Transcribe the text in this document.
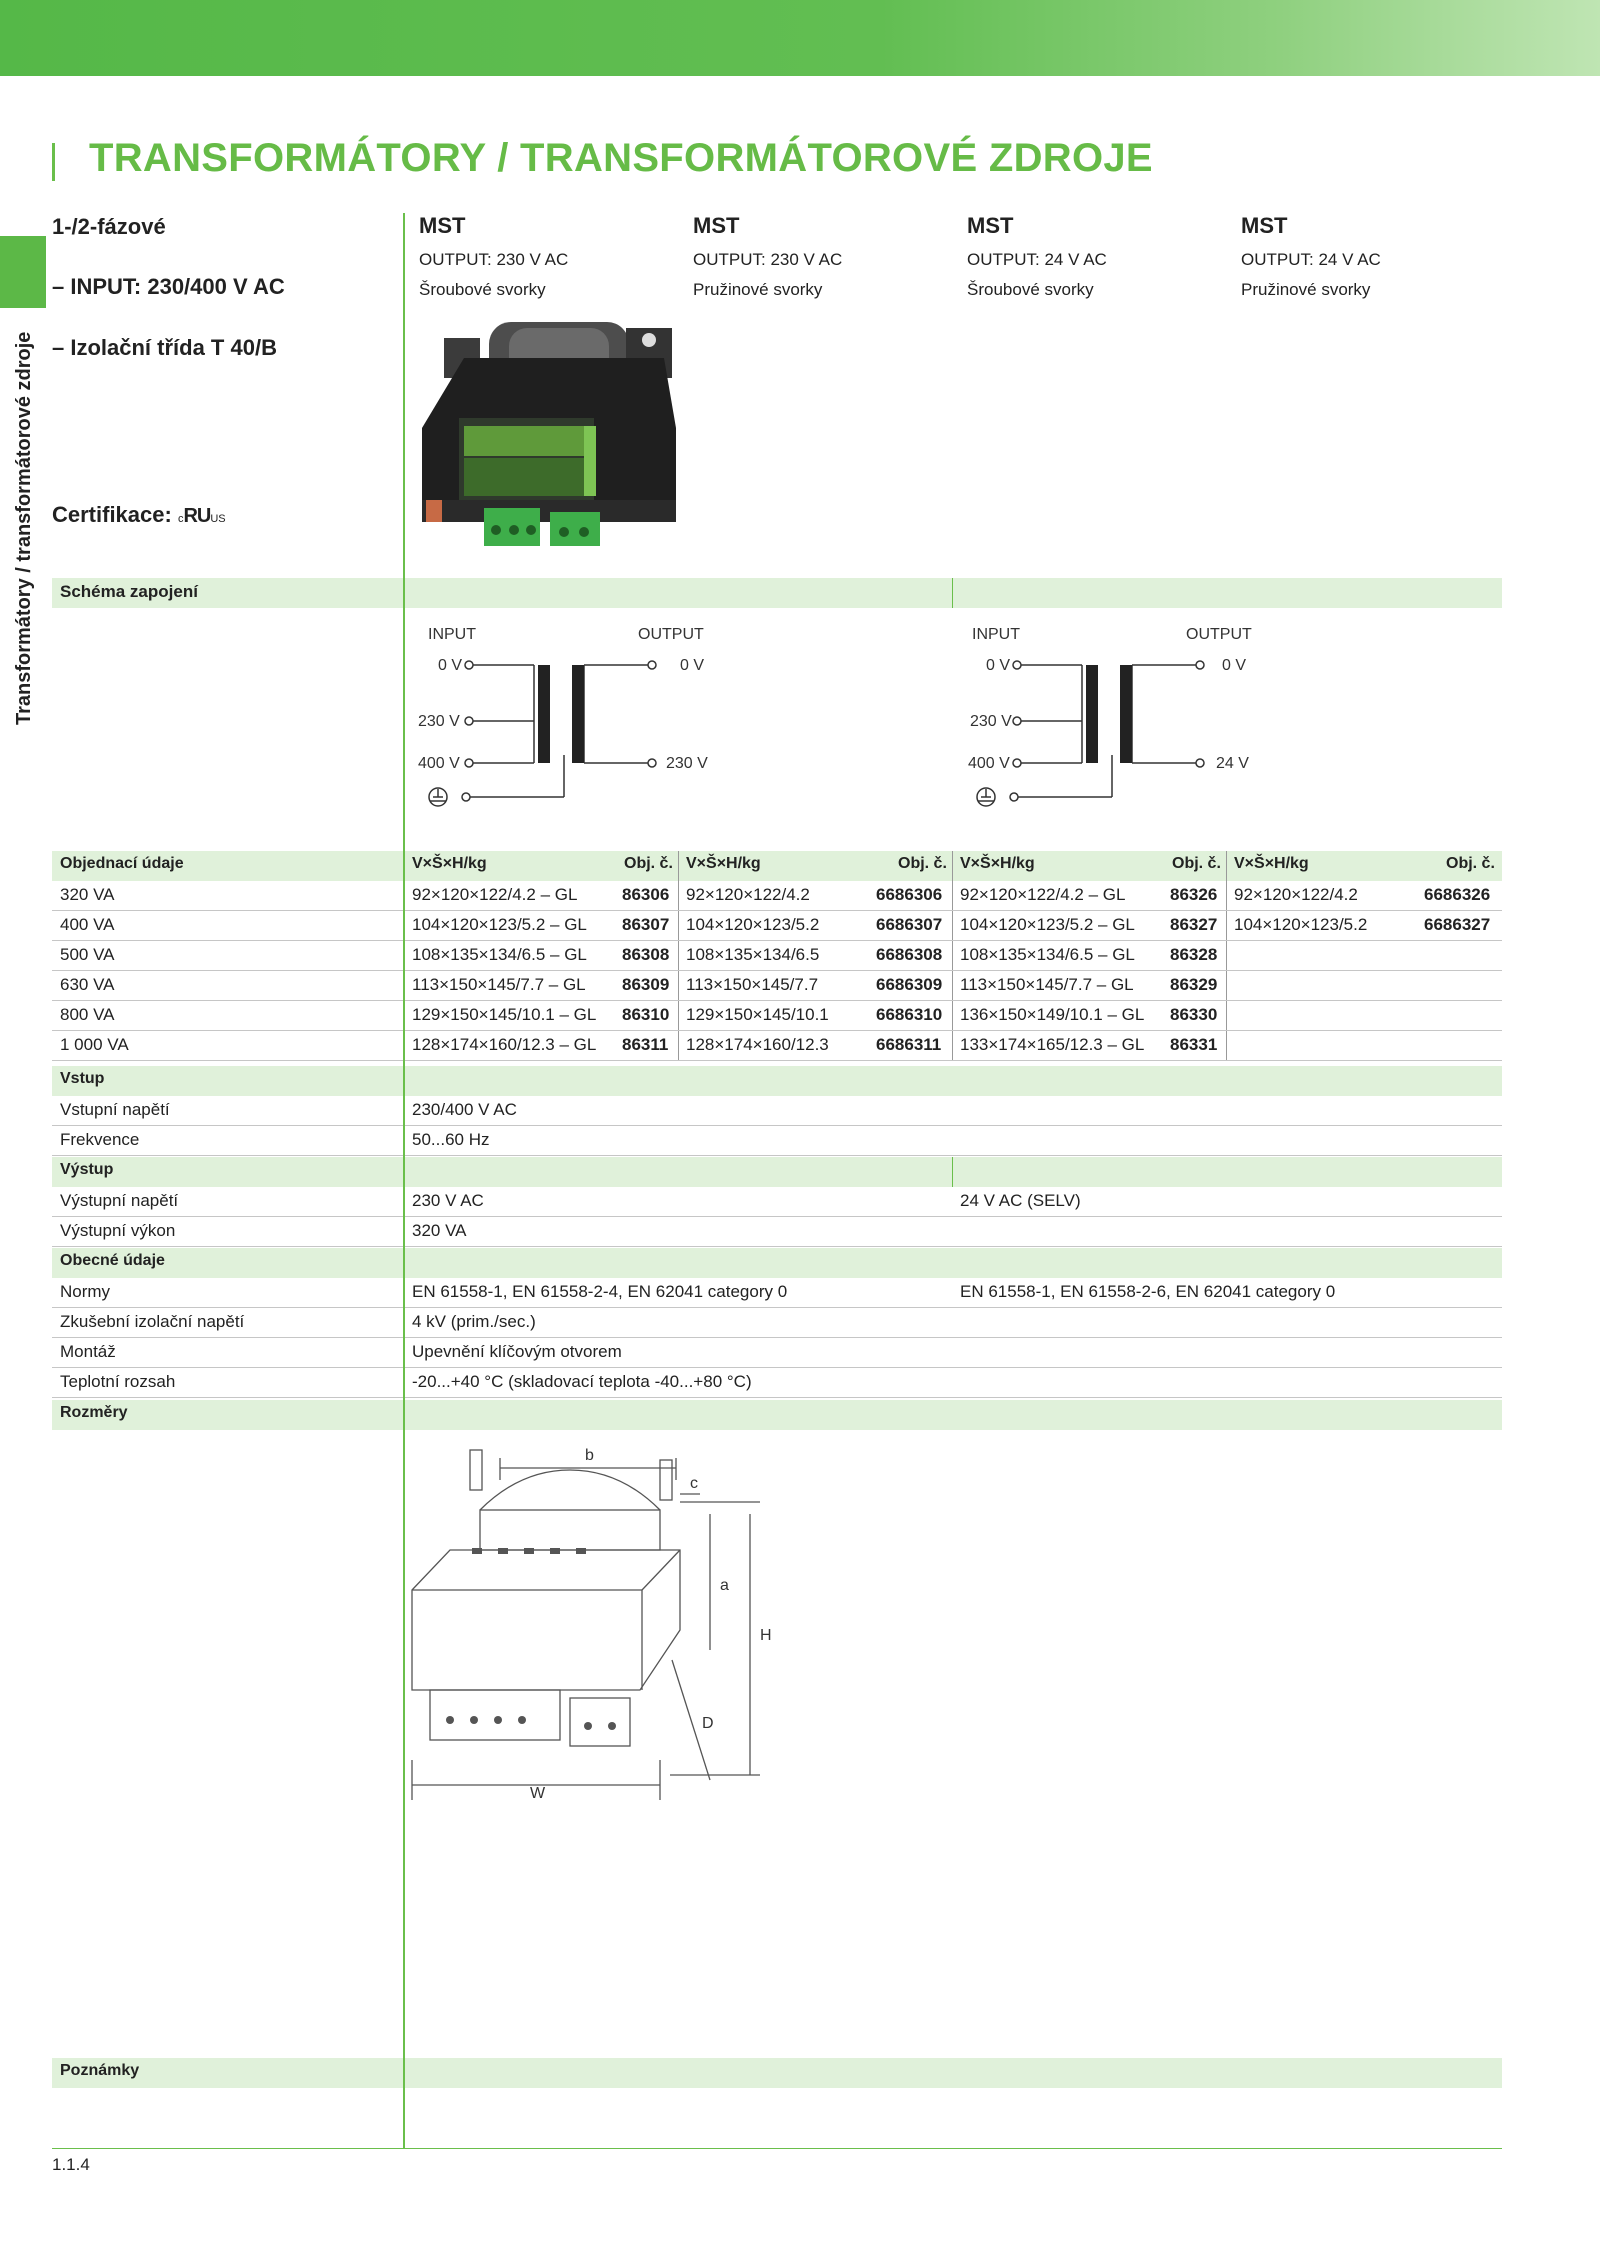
TRANSFORMÁTORY / TRANSFORMÁTOROVÉ ZDROJE
Transformátory / transformátorové zdroje
1-/2-fázové
– INPUT: 230/400 V AC
– Izolační třída T 40/B
Certifikace: cRUUS
MST
OUTPUT: 230 V AC
Šroubové svorky
MST
OUTPUT: 230 V AC
Pružinové svorky
MST
OUTPUT: 24 V AC
Šroubové svorky
MST
OUTPUT: 24 V AC
Pružinové svorky
Schéma zapojení
INPUT	OUTPUT
0 V
230 V
400 V
0 V
230 V
INPUT	OUTPUT
0 V
230 V
400 V
0 V
24 V
Objednací údaje	V×Š×H/kg	Obj. č. V×Š×H/kg	Obj. č. V×Š×H/kg	Obj. č. V×Š×H/kg	Obj. č.
320 VA	92×120×122/4.2 – GL	86306 92×120×122/4.2	6686306 92×120×122/4.2 – GL	86326 92×120×122/4.2	6686326
400 VA	104×120×123/5.2 – GL 86307 104×120×123/5.2	6686307 104×120×123/5.2 – GL 86327 104×120×123/5.2	6686327
500 VA	108×135×134/6.5 – GL 86308 108×135×134/6.5	6686308 108×135×134/6.5 – GL 86328
630 VA	113×150×145/7.7 – GL 86309 113×150×145/7.7	6686309 113×150×145/7.7 – GL 86329
800 VA	129×150×145/10.1 – GL 86310 129×150×145/10.1	6686310 136×150×149/10.1 – GL 86330
1 000 VA	128×174×160/12.3 – GL 86311 128×174×160/12.3	6686311 133×174×165/12.3 – GL 86331
Vstup
Vstupní napětí	230/400 V AC
Frekvence	50...60 Hz
Výstup
Výstupní napětí	230 V AC	24 V AC (SELV)
Výstupní výkon	320 VA
Obecné údaje
Normy	EN 61558-1, EN 61558-2-4, EN 62041 category 0	EN 61558-1, EN 61558-2-6, EN 62041 category 0
Zkušební izolační napětí	4 kV (prim./sec.)
Montáž	Upevnění klíčovým otvorem
Teplotní rozsah	-20...+40 °C (skladovací teplota -40...+80 °C)
Rozměry
b
c
a
H
D
W
Poznámky
1.1.4
